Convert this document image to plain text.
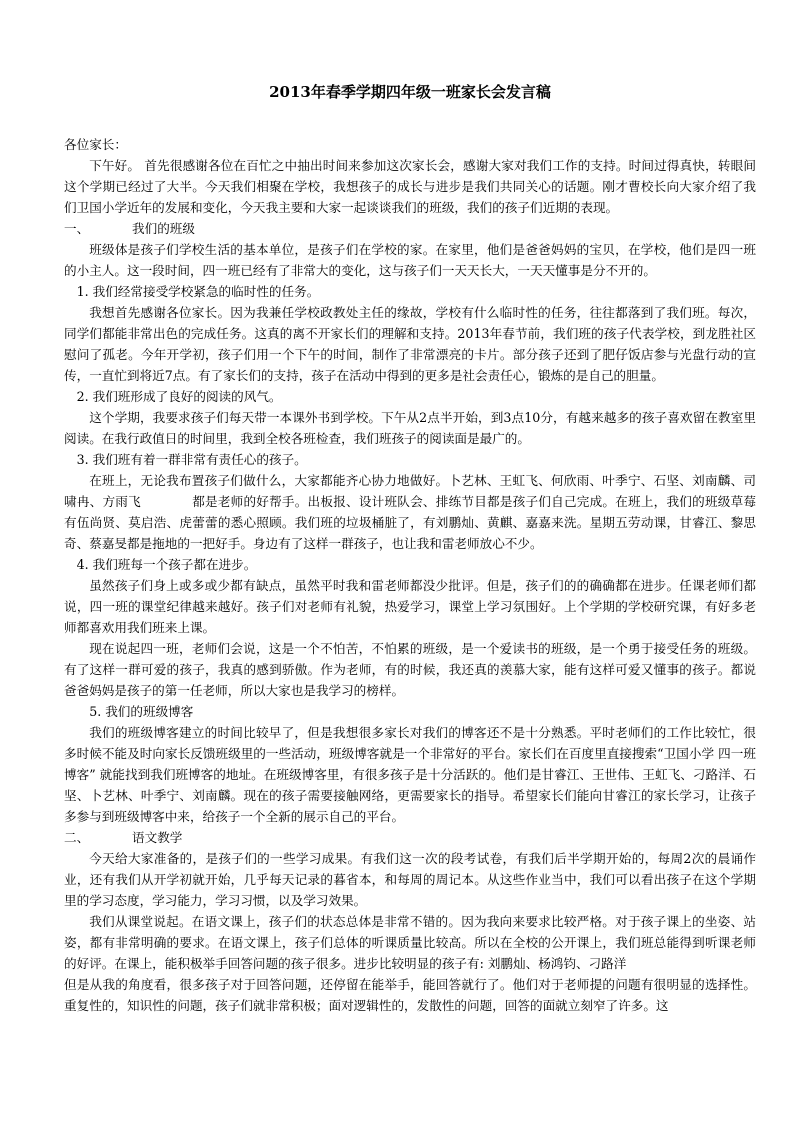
2013年春季学期四年级一班家长会发言稿

各位家长：

下午好。 首先很感谢各位在百忙之中抽出时间来参加这次家长会，感谢大家对我们工作的支持。时间过得真快，转眼间这个学期已经过了大半。今天我们相聚在学校，我想孩子的成长与进步是我们共同关心的话题。刚才曹校长向大家介绍了我们卫国小学近年的发展和变化，今天我主要和大家一起谈谈我们的班级，我们的孩子们近期的表现。

一、	我们的班级

班级体是孩子们学校生活的基本单位，是孩子们在学校的家。在家里，他们是爸爸妈妈的宝贝，在学校，他们是四一班的小主人。这一段时间，四一班已经有了非常大的变化，这与孩子们一天天长大，一天天懂事是分不开的。

1. 我们经常接受学校紧急的临时性的任务。

我想首先感谢各位家长。因为我兼任学校政教处主任的缘故，学校有什么临时性的任务，往往都落到了我们班。每次，同学们都能非常出色的完成任务。这真的离不开家长们的理解和支持。2013年春节前，我们班的孩子代表学校，到龙胜社区慰问了孤老。今年开学初，孩子们用一个下午的时间，制作了非常漂亮的卡片。部分孩子还到了肥仔饭店参与光盘行动的宣传，一直忙到将近7点。有了家长们的支持，孩子在活动中得到的更多是社会责任心，锻炼的是自己的胆量。

2. 我们班形成了良好的阅读的风气。

这个学期，我要求孩子们每天带一本课外书到学校。下午从2点半开始，到3点10分，有越来越多的孩子喜欢留在教室里阅读。在我行政值日的时间里，我到全校各班检查，我们班孩子的阅读面是最广的。

3. 我们班有着一群非常有责任心的孩子。

在班上，无论我布置孩子们做什么，大家都能齐心协力地做好。卜艺林、王虹飞、何欣雨、叶季宁、石坚、刘南麟、司啸冉、方雨飞　　　　都是老师的好帮手。出板报、设计班队会、排练节目都是孩子们自己完成。在班上，我们的班级草莓有伍尚贤、莫启浩、虎蕾蕾的悉心照顾。我们班的垃圾桶脏了，有刘鹏灿、黄麒、嘉嘉来洗。星期五劳动课，甘睿江、黎思奇、蔡嘉旻都是拖地的一把好手。身边有了这样一群孩子，也让我和雷老师放心不少。

4. 我们班每一个孩子都在进步。

虽然孩子们身上或多或少都有缺点，虽然平时我和雷老师都没少批评。但是，孩子们的的确确都在进步。任课老师们都说，四一班的课堂纪律越来越好。孩子们对老师有礼貌，热爱学习，课堂上学习氛围好。上个学期的学校研究课，有好多老师都喜欢用我们班来上课。

现在说起四一班，老师们会说，这是一个不怕苦，不怕累的班级，是一个爱读书的班级，是一个勇于接受任务的班级。有了这样一群可爱的孩子，我真的感到骄傲。作为老师，有的时候，我还真的羡慕大家，能有这样可爱又懂事的孩子。都说爸爸妈妈是孩子的第一任老师，所以大家也是我学习的榜样。

5. 我们的班级博客

我们的班级博客建立的时间比较早了，但是我想很多家长对我们的博客还不是十分熟悉。平时老师们的工作比较忙，很多时候不能及时向家长反馈班级里的一些活动，班级博客就是一个非常好的平台。家长们在百度里直接搜索“卫国小学 四一班 博客” 就能找到我们班博客的地址。在班级博客里，有很多孩子是十分活跃的。他们是甘睿江、王世伟、王虹飞、刁路洋、石坚、卜艺林、叶季宁、刘南麟。现在的孩子需要接触网络，更需要家长的指导。希望家长们能向甘睿江的家长学习，让孩子多参与到班级博客中来，给孩子一个全新的展示自己的平台。

二、	语文教学

今天给大家准备的，是孩子们的一些学习成果。有我们这一次的段考试卷，有我们后半学期开始的，每周2次的晨诵作业，还有我们从开学初就开始，几乎每天记录的暮省本，和每周的周记本。从这些作业当中，我们可以看出孩子在这个学期里的学习态度，学习能力，学习习惯，以及学习效果。

我们从课堂说起。在语文课上，孩子们的状态总体是非常不错的。因为我向来要求比较严格。对于孩子课上的坐姿、站姿，都有非常明确的要求。在语文课上，孩子们总体的听课质量比较高。所以在全校的公开课上，我们班总能得到听课老师的好评。在课上，能积极举手回答问题的孩子很多。进步比较明显的孩子有: 刘鹏灿、杨鸿钧、刁路洋

但是从我的角度看，很多孩子对于回答问题，还停留在能举手，能回答就行了。他们对于老师提的问题有很明显的选择性。重复性的，知识性的问题，孩子们就非常积极；面对逻辑性的，发散性的问题，回答的面就立刻窄了许多。这
